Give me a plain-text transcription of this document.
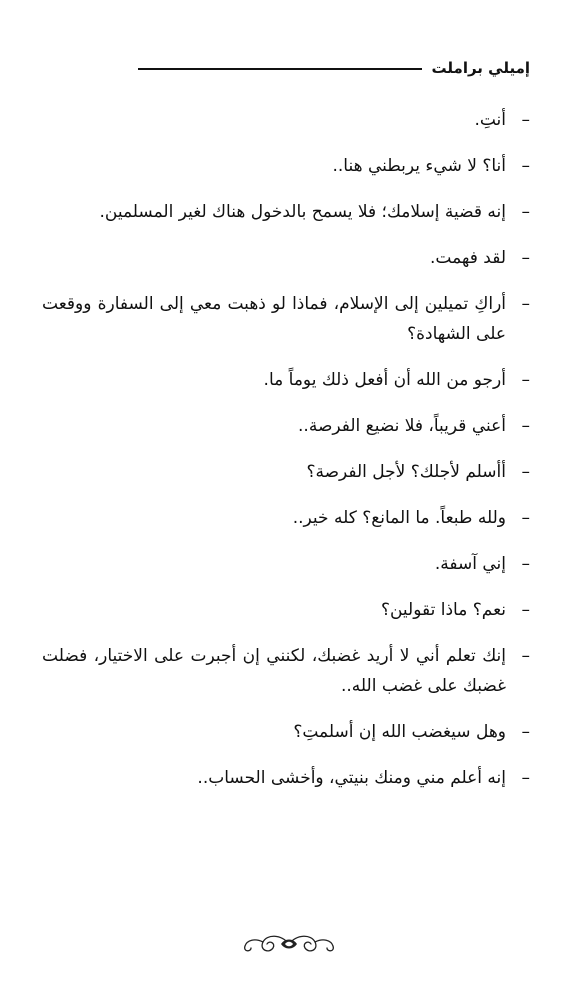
إميلي براملت
–
أنتِ.
–
أنا؟ لا شيء يربطني هنا..
–
إنه قضية إسلامك؛ فلا يسمح بالدخول هناك لغير المسلمين.
–
لقد فهمت.
–
أراكِ تميلين إلى الإسلام، فماذا لو ذهبت معي إلى السفارة ووقعت على الشهادة؟
–
أرجو من الله أن أفعل ذلك يوماً ما.
–
أعني قريباً، فلا نضيع الفرصة..
–
أأسلم لأجلك؟ لأجل الفرصة؟
–
ولله طبعاً. ما المانع؟ كله خير..
–
إني آسفة.
–
نعم؟ ماذا تقولين؟
–
إنك تعلم أني لا أريد غضبك، لكنني إن أجبرت على الاختيار، فضلت غضبك على غضب الله..
–
وهل سيغضب الله إن أسلمتِ؟
–
إنه أعلم مني ومنك بنيتي، وأخشى الحساب..
